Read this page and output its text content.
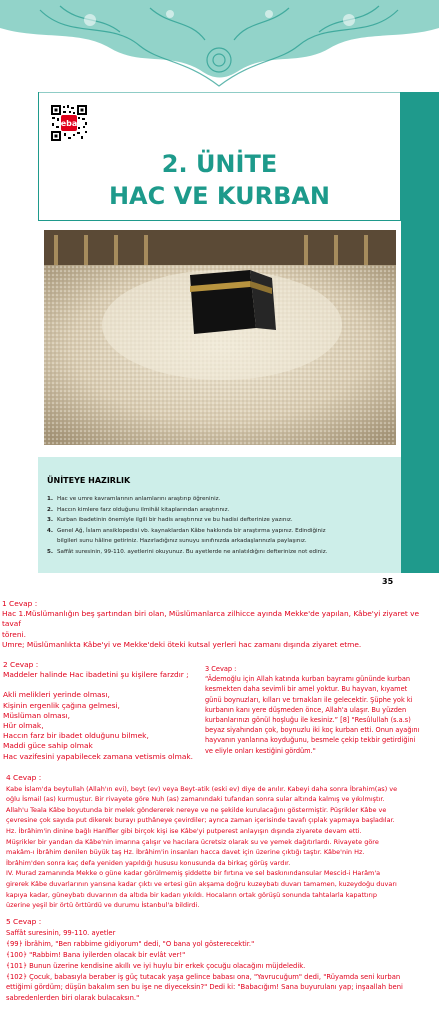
eba
2. ÜNİTE
HAC VE KURBAN
ÜNİTEYE HAZIRLIK
1. Hac ve umre kavramlarının anlamlarını araştırıp öğreniniz.
2. Haccın kimlere farz olduğunu ilmihâl kitaplarından araştırınız.
3. Kurban ibadetinin önemiyle ilgili bir hadis araştırınız ve bu hadisi defterinize yazınız.
4. Genel Ağ, İslam ansiklopedisi vb. kaynaklardan Kâbe hakkında bir araştırma yapınız. Edindiğiniz
bilgileri sunu hâline getiriniz. Hazırladığınız sunuyu sınıfınızda arkadaşlarınızla paylaşınız.
5. Saffât suresinin, 99-110. ayetlerini okuyunuz. Bu ayetlerde ne anlatıldığını defterinize not ediniz.
35

1 Cevap :

Hac 1.Müslümanlığın beş şartından biri olan, Müslümanlarca zilhicce ayında Mekke'de yapılan, Kâbe'yi ziyaret ve tavaf

töreni.

Umre; Müslümanlıkta Kâbe'yi ve Mekke'deki öteki kutsal yerleri hac zamanı dışında ziyaret etme.

2 Cevap :

Maddeler halinde Hac ibadetini şu kişilere farzdır ;

Akli melikleri yerinde olması,

Kişinin ergenlik çağına gelmesi,

Müslüman olması,

Hür olmak,

Haccın farz bir ibadet olduğunu bilmek,

Maddi güce sahip olmak

Hac vazifesini yapabilecek zamana vetismis olmak.

3 Cevap :

“Âdemoğlu için Allah katında kurban bayramı gününde kurban

kesmekten daha sevimli bir amel yoktur. Bu hayvan, kıyamet

günü boynuzları, kılları ve tırnakları ile gelecektir. Şüphe yok ki

kurbanın kanı yere düşmeden önce, Allah'a ulaşır. Bu yüzden

kurbanlarınızı gönül hoşluğu ile kesiniz.” [8] "Resûlullah (s.a.s)

beyaz siyahından çok, boynuzlu iki koç kurban etti. Onun ayağını

hayvanın yanlarına koyduğunu, besmele çekip tekbir getirdiğini

ve eliyle onları kestiğini gördüm."

4 Cevap :

Kabe İslam'da beytullah (Allah'ın evi), beyt (ev) veya Beyt-atik (eski ev) diye de anılır. Kabeyi daha sonra İbrahim(as) ve

oğlu İsmail (as) kurmuştur. Bir rivayete göre Nuh (as) zamanındaki tufandan sonra sular altında kalmış ve yıkılmıştır.

Allah'u Teala Kâbe boyutunda bir melek göndererek nereye ve ne şekilde kurulacağını göstermiştir. Püşrikler Kâbe ve

çevresine çok sayıda put dikerek burayı puthâneye çevirdiler; ayrıca zaman içerisinde tavafı çıplak yapmaya başladılar.

Hz. İbrâhim'in dinine bağlı Hanîfler gibi birçok kişi ise Kâbe'yi putperest anlayışın dışında ziyarete devam etti.

Müşrikler bir yandan da Kâbe'nin imarına çalışır ve hacılara ücretsiz olarak su ve yemek dağıtırlardı. Rivayete göre

makâm-ı İbrâhim denilen büyük taş Hz. İbrâhim'in insanları hacca davet için üzerine çıktığı taştır. Kâbe'nin Hz.

İbrâhim'den sonra kaç defa yeniden yapıldığı hususu konusunda da birkaç görüş vardır.

IV. Murad zamanında Mekke o güne kadar görülmemiş şiddette bir fırtına ve sel baskınındansular Mescid-i Harâm'a

girerek Kâbe duvarlarının yarısına kadar çıktı ve ertesi gün akşama doğru kuzeybatı duvarı tamamen, kuzeydoğu duvarı

kapıya kadar, güneybatı duvarının da altıda bir kadarı yıkıldı. Hocaların ortak görüşü sonunda tahtalarla kapattırıp

üzerine yeşil bir örtü örttürdü ve durumu İstanbul'a bildirdi.

5 Cevap :

Saffât suresinin, 99-110. ayetler

﴾99﴿ İbrâhim, "Ben rabbime gidiyorum" dedi, "O bana yol gösterecektir."

﴾100﴿ "Rabbim! Bana iyilerden olacak bir evlât ver!"

﴾101﴿ Bunun üzerine kendisine akıllı ve iyi huylu bir erkek çocuğu olacağını müjdeledik.

﴾102﴿ Çocuk, babasıyla beraber iş güç tutacak yaşa gelince babası ona, "Yavrucuğum" dedi, "Rüyamda seni kurban

ettiğimi gördüm; düşün bakalım sen bu işe ne diyeceksin?" Dedi ki: "Babacığım! Sana buyurulanı yap; inşaallah beni

sabredenlerden biri olarak bulacaksın."
